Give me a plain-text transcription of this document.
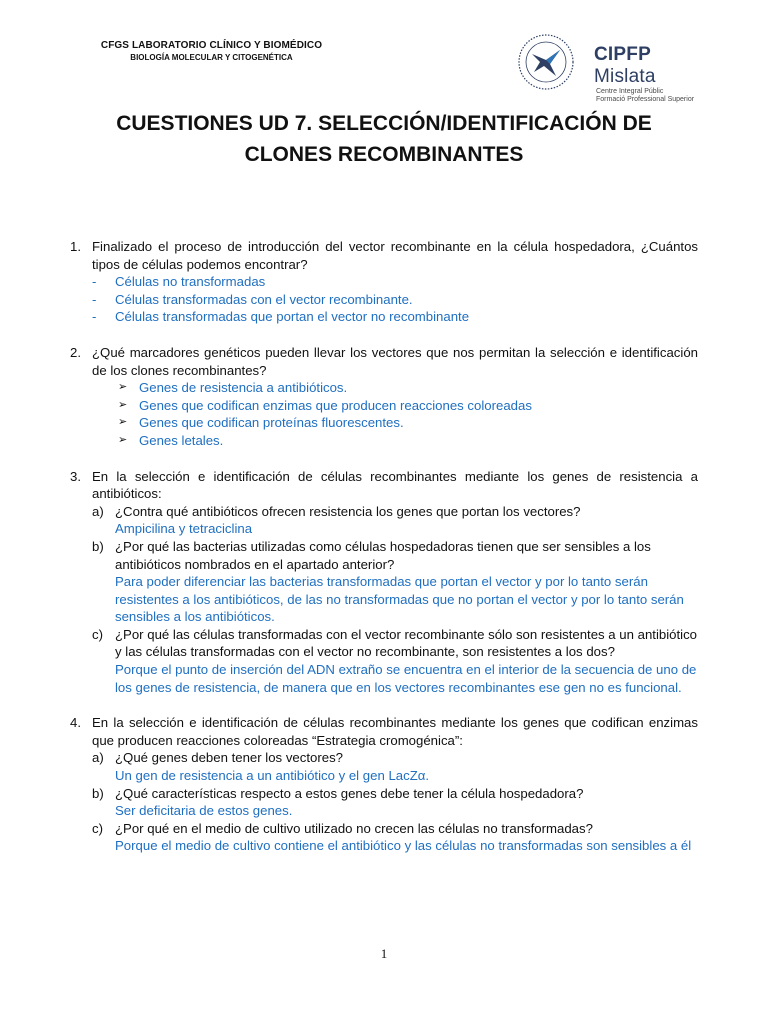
CFGS LABORATORIO CLÍNICO Y BIOMÉDICO
BIOLOGÍA MOLECULAR Y CITOGENÉTICA	CIPFP Mislata
Centre Integral Públic
Formació Professional Superior
CUESTIONES UD 7. SELECCIÓN/IDENTIFICACIÓN DE
CLONES RECOMBINANTES
1. Finalizado el proceso de introducción del vector recombinante en la célula hospedadora, ¿Cuántos tipos de células podemos encontrar?
-	Células no transformadas
-	Células transformadas con el vector recombinante.
-	Células transformadas que portan el vector no recombinante
2. ¿Qué marcadores genéticos pueden llevar los vectores que nos permitan la selección e identificación de los clones recombinantes?
➢ Genes de resistencia a antibióticos.
➢ Genes que codifican enzimas que producen reacciones coloreadas
➢ Genes que codifican proteínas fluorescentes.
➢ Genes letales.
3. En la selección e identificación de células recombinantes mediante los genes de resistencia a antibióticos:
a) ¿Contra qué antibióticos ofrecen resistencia los genes que portan los vectores?
Ampicilina y tetraciclina
b) ¿Por qué las bacterias utilizadas como células hospedadoras tienen que ser sensibles a los antibióticos nombrados en el apartado anterior?
Para poder diferenciar las bacterias transformadas que portan el vector y por lo tanto serán resistentes a los antibióticos, de las no transformadas que no portan el vector y por lo tanto serán sensibles a los antibióticos.
c) ¿Por qué las células transformadas con el vector recombinante sólo son resistentes a un antibiótico y las células transformadas con el vector no recombinante, son resistentes a los dos?
Porque el punto de inserción del ADN extraño se encuentra en el interior de la secuencia de uno de los genes de resistencia, de manera que en los vectores recombinantes ese gen no es funcional.
4. En la selección e identificación de células recombinantes mediante los genes que codifican enzimas que producen reacciones coloreadas “Estrategia cromogénica”:
a) ¿Qué genes deben tener los vectores?
Un gen de resistencia a un antibiótico y el gen LacZα.
b) ¿Qué características respecto a estos genes debe tener la célula hospedadora?
Ser deficitaria de estos genes.
c) ¿Por qué en el medio de cultivo utilizado no crecen las células no transformadas?
Porque el medio de cultivo contiene el antibiótico y las células no transformadas son sensibles a él
1
